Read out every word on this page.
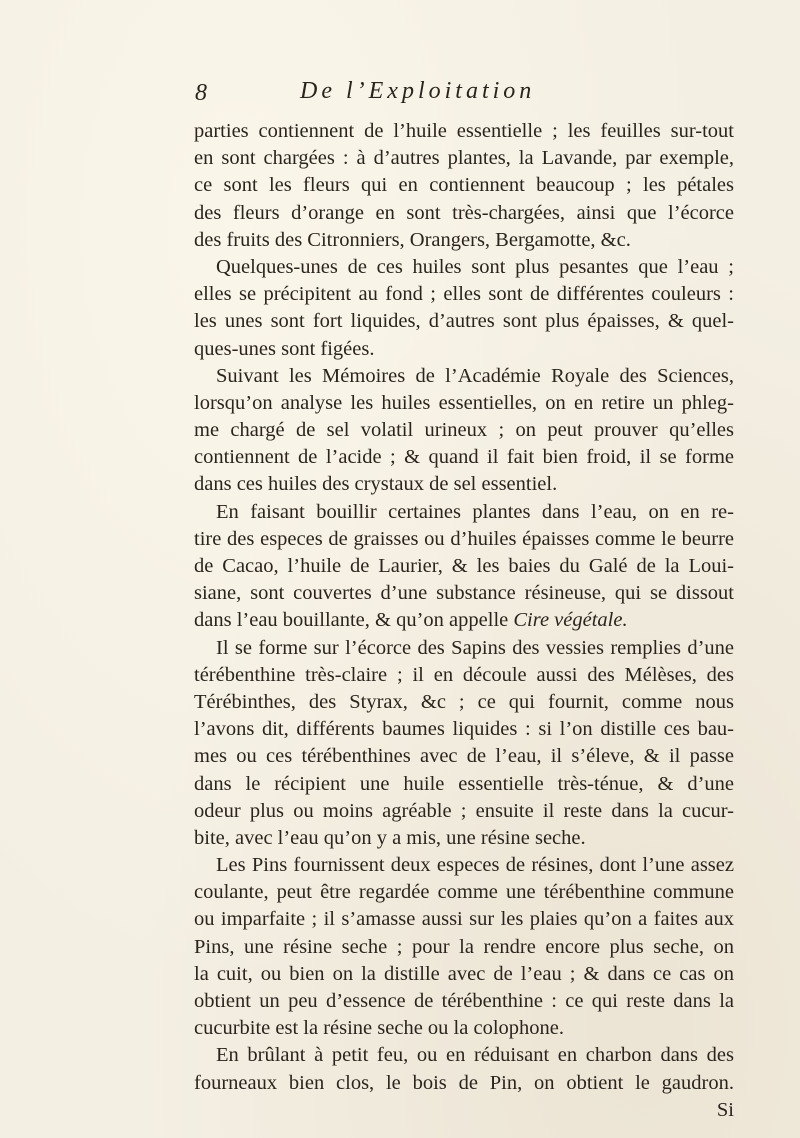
8	De l’Exploitation
parties contiennent de l’huile essentielle ; les feuilles sur-tout
en sont chargées : à d’autres plantes, la Lavande, par exemple,
ce sont les fleurs qui en contiennent beaucoup ; les pétales
des fleurs d’orange en sont très-chargées, ainsi que l’écorce
des fruits des Citronniers, Orangers, Bergamotte, &c.
Quelques-unes de ces huiles sont plus pesantes que l’eau ;
elles se précipitent au fond ; elles sont de différentes couleurs :
les unes sont fort liquides, d’autres sont plus épaisses, & quel-
ques-unes sont figées.
Suivant les Mémoires de l’Académie Royale des Sciences,
lorsqu’on analyse les huiles essentielles, on en retire un phleg-
me chargé de sel volatil urineux ; on peut prouver qu’elles
contiennent de l’acide ; & quand il fait bien froid, il se forme
dans ces huiles des crystaux de sel essentiel.
En faisant bouillir certaines plantes dans l’eau, on en re-
tire des especes de graisses ou d’huiles épaisses comme le beurre
de Cacao, l’huile de Laurier, & les baies du Galé de la Loui-
siane, sont couvertes d’une substance résineuse, qui se dissout
dans l’eau bouillante, & qu’on appelle Cire végétale.
Il se forme sur l’écorce des Sapins des vessies remplies d’une
térébenthine très-claire ; il en découle aussi des Mélèses, des
Térébinthes, des Styrax, &c ; ce qui fournit, comme nous
l’avons dit, différents baumes liquides : si l’on distille ces bau-
mes ou ces térébenthines avec de l’eau, il s’éleve, & il passe
dans le récipient une huile essentielle très-ténue, & d’une
odeur plus ou moins agréable ; ensuite il reste dans la cucur-
bite, avec l’eau qu’on y a mis, une résine seche.
Les Pins fournissent deux especes de résines, dont l’une assez
coulante, peut être regardée comme une térébenthine commune
ou imparfaite ; il s’amasse aussi sur les plaies qu’on a faites aux
Pins, une résine seche ; pour la rendre encore plus seche, on
la cuit, ou bien on la distille avec de l’eau ; & dans ce cas on
obtient un peu d’essence de térébenthine : ce qui reste dans la
cucurbite est la résine seche ou la colophone.
En brûlant à petit feu, ou en réduisant en charbon dans des
fourneaux bien clos, le bois de Pin, on obtient le gaudron.
Si
